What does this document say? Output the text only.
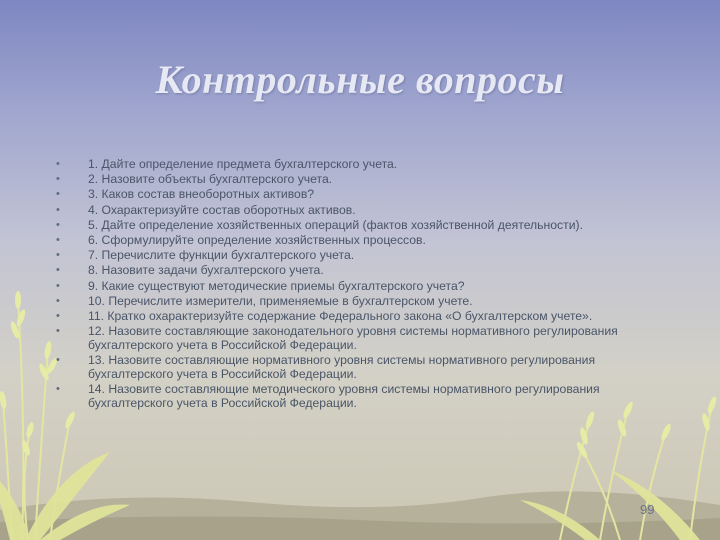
Контрольные вопросы
• 1. Дайте определение предмета бухгалтерского учета.
• 2. Назовите объекты бухгалтерского учета.
• 3. Каков состав внеоборотных активов?
• 4. Охарактеризуйте состав оборотных активов.
• 5. Дайте определение хозяйственных операций (фактов хозяйственной деятельности).
• 6. Сформулируйте определение хозяйственных процессов.
• 7. Перечислите функции бухгалтерского учета.
• 8. Назовите задачи бухгалтерского учета.
• 9. Какие существуют методические приемы бухгалтерского учета?
• 10. Перечислите измерители, применяемые в бухгалтерском учете.
• 11. Кратко охарактеризуйте содержание Федерального закона «О бухгалтерском учете».
• 12. Назовите составляющие законодательного уровня системы нормативного регулирования бухгалтерского учета в Российской Федерации.
• 13. Назовите составляющие нормативного уровня системы нормативного регулирования бухгалтерского учета в Российской Федерации.
• 14. Назовите составляющие методического уровня системы нормативного регулирования бухгалтерского учета в Российской Федерации.
99
